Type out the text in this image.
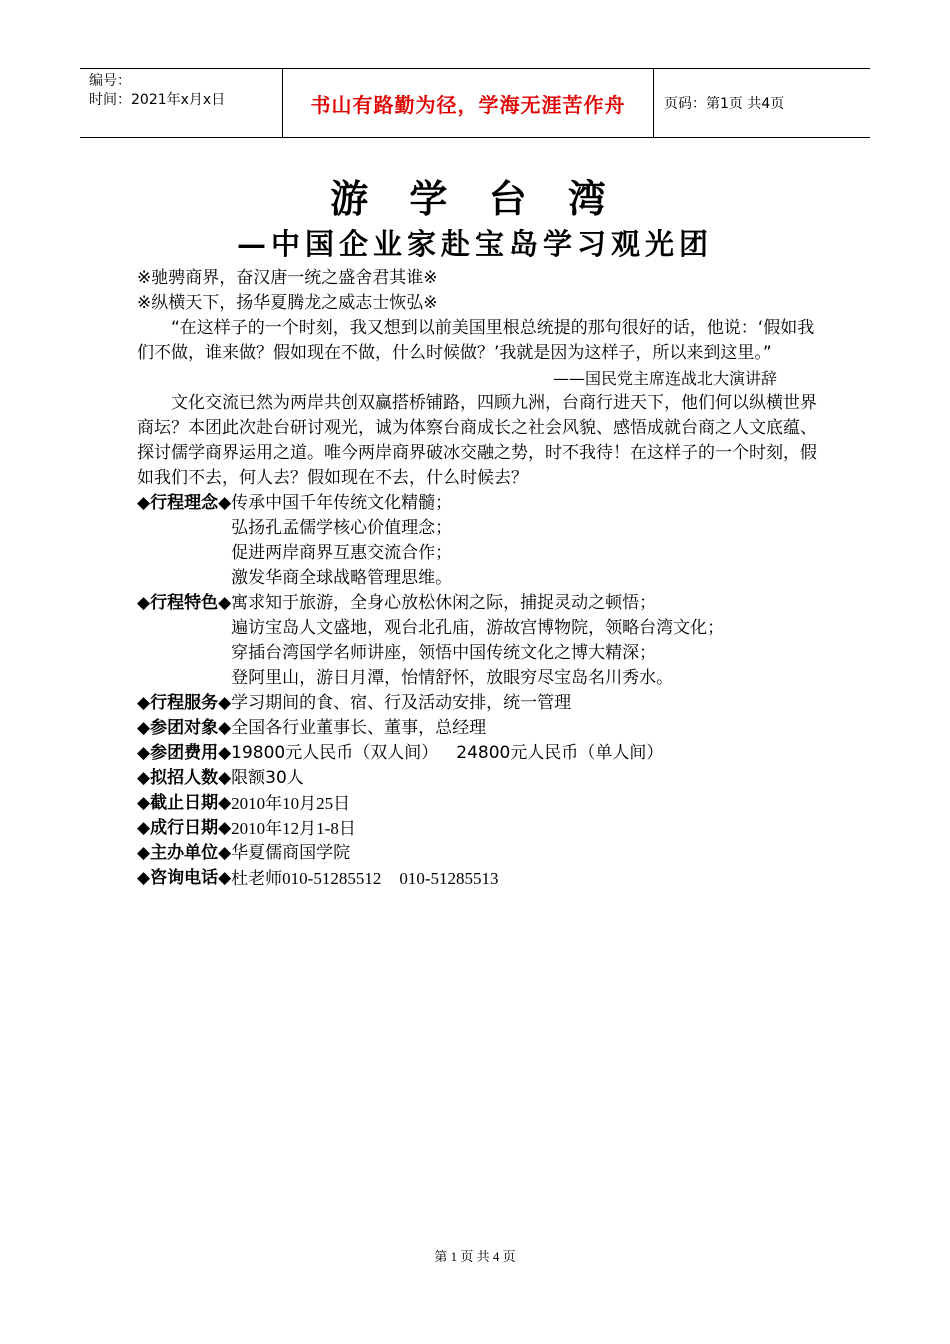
编号：
时间：2021年x月x日	书山有路勤为径，学海无涯苦作舟	页码：第1页 共4页
游 学 台 湾
—中国企业家赴宝岛学习观光团

※驰骋商界，奋汉唐一统之盛舍君其谁※

※纵横天下，扬华夏腾龙之威志士恢弘※

“在这样子的一个时刻，我又想到以前美国里根总统提的那句很好的话，他说：‘假如我们不做，谁来做？假如现在不做，什么时候做？’我就是因为这样子，所以来到这里。”

——国民党主席连战北大演讲辞

文化交流已然为两岸共创双赢搭桥铺路，四顾九洲，台商行进天下，他们何以纵横世界商坛？本团此次赴台研讨观光，诚为体察台商成长之社会风貌、感悟成就台商之人文底蕴、探讨儒学商界运用之道。唯今两岸商界破冰交融之势，时不我待！在这样子的一个时刻，假如我们不去，何人去？假如现在不去，什么时候去？

◆行程理念◆ 传承中国千年传统文化精髓；
弘扬孔孟儒学核心价值理念；
促进两岸商界互惠交流合作；
激发华商全球战略管理思维。
◆行程特色◆ 寓求知于旅游，全身心放松休闲之际，捕捉灵动之顿悟；
遍访宝岛人文盛地，观台北孔庙，游故宫博物院，领略台湾文化；
穿插台湾国学名师讲座，领悟中国传统文化之博大精深；
登阿里山，游日月潭，怡情舒怀，放眼穷尽宝岛名川秀水。
◆行程服务◆ 学习期间的食、宿、行及活动安排，统一管理
◆参团对象◆ 全国各行业董事长、董事，总经理
◆参团费用◆ 19800元人民币（双人间） 24800元人民币（单人间）
◆拟招人数◆ 限额30人
◆截止日期◆ 2010年10月25日
◆成行日期◆ 2010年12月1-8日
◆主办单位◆ 华夏儒商国学院
◆咨询电话◆ 杜老师010-51285512 010-51285513
第 1 页 共 4 页
